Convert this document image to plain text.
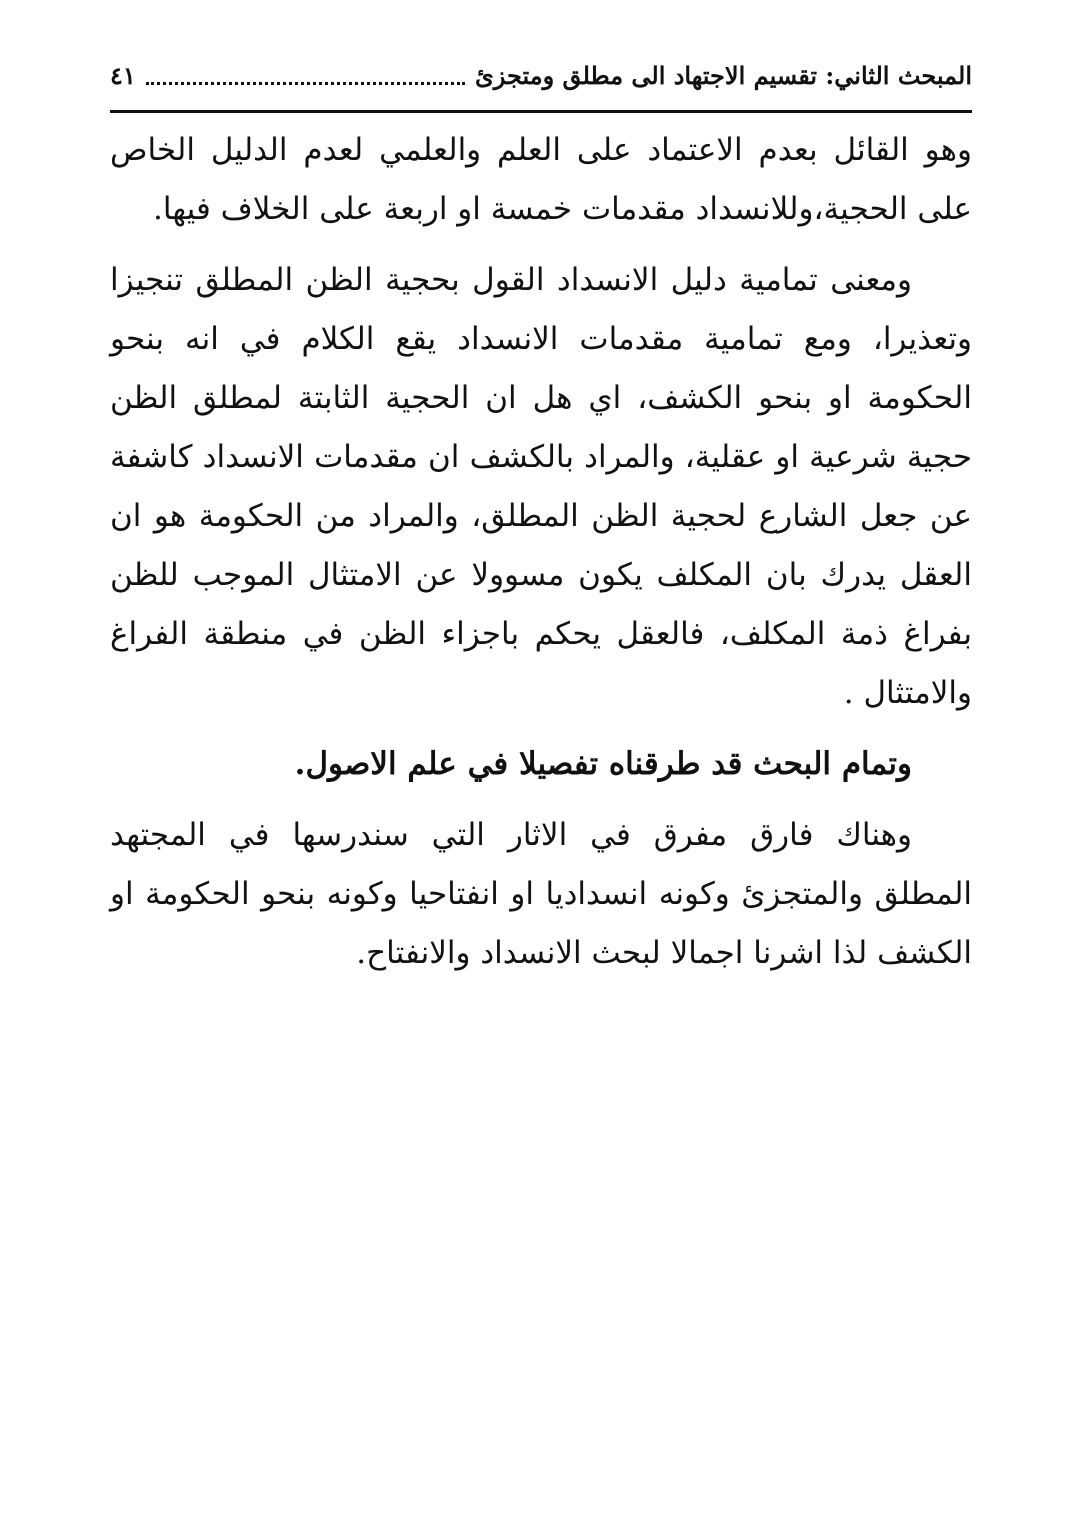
المبحث الثاني: تقسيم الاجتهاد الى مطلق ومتجزئ
٤١

وهو القائل بعدم الاعتماد على العلم والعلمي لعدم الدليل الخاص على الحجية،وللانسداد مقدمات خمسة او اربعة على الخلاف فيها.

ومعنى تمامية دليل الانسداد القول بحجية الظن المطلق تنجيزا وتعذيرا، ومع تمامية مقدمات الانسداد يقع الكلام في انه بنحو الحكومة او بنحو الكشف، اي هل ان الحجية الثابتة لمطلق الظن حجية شرعية او عقلية، والمراد بالكشف ان مقدمات الانسداد كاشفة عن جعل الشارع لحجية الظن المطلق، والمراد من الحكومة هو ان العقل يدرك بان المكلف يكون مسوولا عن الامتثال الموجب للظن بفراغ ذمة المكلف، فالعقل يحكم باجزاء الظن في منطقة الفراغ والامتثال .

وتمام البحث قد طرقناه تفصيلا في علم الاصول.

وهناك فارق مفرق في الاثار التي سندرسها في المجتهد المطلق والمتجزئ وكونه انسداديا او انفتاحيا وكونه بنحو الحكومة او الكشف لذا اشرنا اجمالا لبحث الانسداد والانفتاح.
